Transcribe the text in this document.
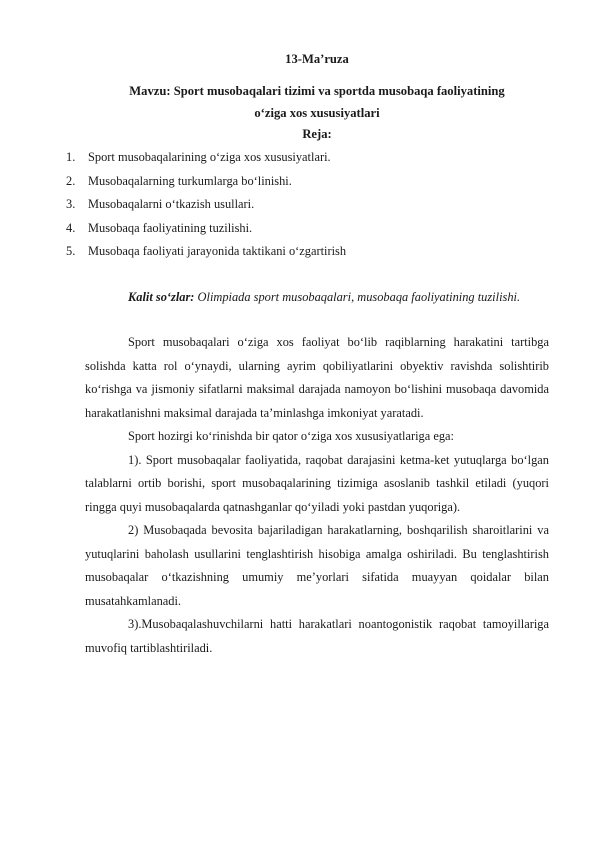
13-Ma’ruza

Mavzu: Sport musobaqalari tizimi va sportda musobaqa faoliyatining

o‘ziga xos xususiyatlari

Reja:

1. Sport musobaqalarining o‘ziga xos xususiyatlari.
2. Musobaqalarning turkumlarga bo‘linishi.
3. Musobaqalarni o‘tkazish usullari.
4. Musobaqa faoliyatining tuzilishi.
5. Musobaqa faoliyati jarayonida taktikani o‘zgartirish

Kalit so‘zlar: Olimpiada sport musobaqalari, musobaqa faoliyatining tuzilishi.

Sport musobaqalari o‘ziga xos faoliyat bo‘lib raqiblarning harakatini tartibga solishda katta rol o‘ynaydi, ularning ayrim qobiliyatlarini obyektiv ravishda solishtirib ko‘rishga va jismoniy sifatlarni maksimal darajada namoyon bo‘lishini musobaqa davomida harakatlanishni maksimal darajada ta’minlashga imkoniyat yaratadi.

Sport hozirgi ko‘rinishda bir qator o‘ziga xos xususiyatlariga ega:

1). Sport musobaqalar faoliyatida, raqobat darajasini ketma-ket yutuqlarga bo‘lgan talablarni ortib borishi, sport musobaqalarining tizimiga asoslanib tashkil etiladi (yuqori ringga quyi musobaqalarda qatnashganlar qo‘yiladi yoki pastdan yuqoriga).

2) Musobaqada bevosita bajariladigan harakatlarning, boshqarilish sharoitlarini va yutuqlarini baholash usullarini tenglashtirish hisobiga amalga oshiriladi. Bu tenglashtirish musobaqalar o‘tkazishning umumiy me’yorlari sifatida muayyan qoidalar bilan musatahkamlanadi.

3).Musobaqalashuvchilarni hatti harakatlari noantogonistik raqobat tamoyillariga muvofiq tartiblashtiriladi.
